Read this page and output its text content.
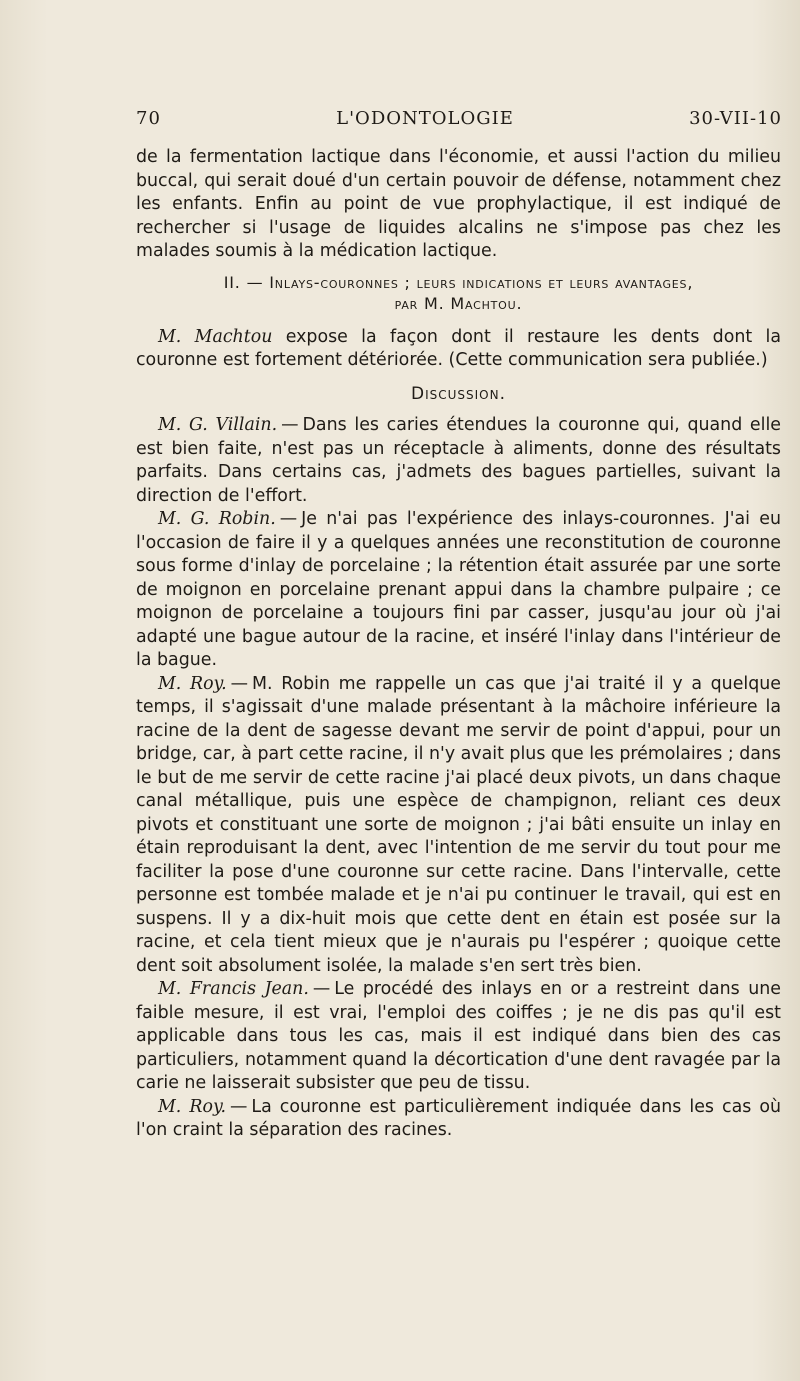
70	L'ODONTOLOGIE	30-VII-10

de la fermentation lactique dans l'économie, et aussi l'action du milieu buccal, qui serait doué d'un certain pouvoir de défense, notamment chez les enfants. Enfin au point de vue prophylactique, il est indiqué de rechercher si l'usage de liquides alcalins ne s'impose pas chez les malades soumis à la médication lactique.

II. — Inlays-couronnes ; leurs indications et leurs avantages,
par M. Machtou.

M. Machtou expose la façon dont il restaure les dents dont la couronne est fortement détériorée. (Cette communication sera publiée.)

Discussion.

M. G. Villain. — Dans les caries étendues la couronne qui, quand elle est bien faite, n'est pas un réceptacle à aliments, donne des résultats parfaits. Dans certains cas, j'admets des bagues partielles, suivant la direction de l'effort.

M. G. Robin. — Je n'ai pas l'expérience des inlays-couronnes. J'ai eu l'occasion de faire il y a quelques années une reconstitution de couronne sous forme d'inlay de porcelaine ; la rétention était assurée par une sorte de moignon en porcelaine prenant appui dans la chambre pulpaire ; ce moignon de porcelaine a toujours fini par casser, jusqu'au jour où j'ai adapté une bague autour de la racine, et inséré l'inlay dans l'intérieur de la bague.

M. Roy. — M. Robin me rappelle un cas que j'ai traité il y a quelque temps, il s'agissait d'une malade présentant à la mâchoire inférieure la racine de la dent de sagesse devant me servir de point d'appui, pour un bridge, car, à part cette racine, il n'y avait plus que les prémolaires ; dans le but de me servir de cette racine j'ai placé deux pivots, un dans chaque canal métallique, puis une espèce de champignon, reliant ces deux pivots et constituant une sorte de moignon ; j'ai bâti ensuite un inlay en étain reproduisant la dent, avec l'intention de me servir du tout pour me faciliter la pose d'une couronne sur cette racine. Dans l'intervalle, cette personne est tombée malade et je n'ai pu continuer le travail, qui est en suspens. Il y a dix-huit mois que cette dent en étain est posée sur la racine, et cela tient mieux que je n'aurais pu l'espérer ; quoique cette dent soit absolument isolée, la malade s'en sert très bien.

M. Francis Jean. — Le procédé des inlays en or a restreint dans une faible mesure, il est vrai, l'emploi des coiffes ; je ne dis pas qu'il est applicable dans tous les cas, mais il est indiqué dans bien des cas particuliers, notamment quand la décortication d'une dent ravagée par la carie ne laisserait subsister que peu de tissu.

M. Roy. — La couronne est particulièrement indiquée dans les cas où l'on craint la séparation des racines.
